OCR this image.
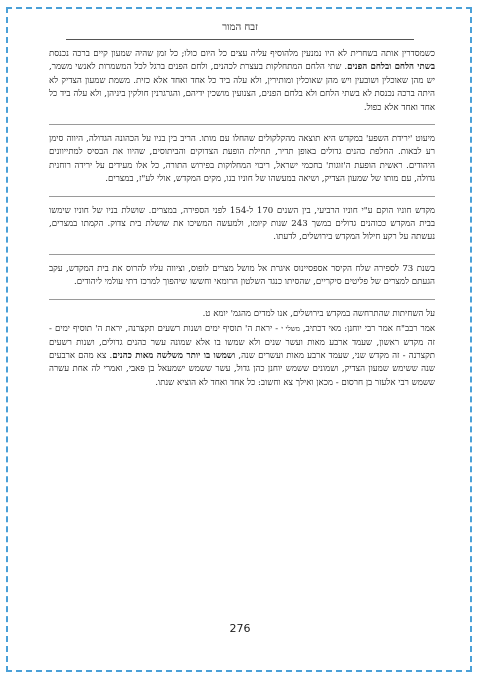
זבח המור

כשמסדרין אותה בשחרית לא היו נמנעין מלהוסיף עליה עצים כל היום כולו; כל זמן שהיה שמעון קיים ברכה נכנסת בשתי הלחם ובלחם הפנים. שתי הלחם המתחלקות בעצרת לכהנים, ולחם הפנים ברגל לכל המשמרות לאנשי משמר, יש מהן שאוכלין ושובעין ויש מהן שאוכלין ומותירין, ולא עלה ביד כל אחד ואחד אלא כזית. משמת שמעון הצדיק לא היתה ברכה נכנסת לא בשתי הלחם ולא בלחם הפנים, הצנועין מושכין ידיהם, והגרגרנין חולקין ביניהן, ולא עלה ביד כל אחד ואחד אלא כפול.

מיעוט 'ירידת השפע' במקדש היא תוצאה מהקלקולים שהחלו עם מותו. הריב בין בניו על הכהונה הגדולה, היווה סימן רע לבאות. החלפת כהנים גדולים באופן תדיר, תחילת הופעת הצדוקים והביתוסים, שהיוו את הבסיס למתייוונים היהודים. ראשית הופעת ה'זוגות' בחכמי ישראל, ריבוי המחלוקות בפירוש התורה, כל אלו מעידים על ירידה רוחנית גדולה, עם מותו של שמעון הצדיק, ושיאה במעשהו של חוניו בנו, מקים המקדש, אולי לע"ז, במצרים.

מקדש חוניו הוקם ע"י חוניו הרביעי, בין השנים 170 ל-154 לפני הספירה, במצרים. שושלת בניו של חוניו שימשו בבית המקדש ככוהנים גדולים במשך 243 שנות קיומו, ולמעשה המשיכו את שושלת בית צדוק. הקמתו במצרים, נעשתה על רקע חילול המקדש בירושלים, לדעתו.

בשנת 73 לספירה שלח הקיסר אספסיינוס איגרת אל מושל מצרים לופוס, וציווה עליו להרוס את בית המקדש, עקב הגעתם למצרים של פליטים סיקריים, שהסיתו כנגד השלטון הרומאי וחששו שיהפוך למרכז דתי עולמי ליהודים.

על השחיתות שהתרחשה במקדש בירושלים, אנו למדים מהגמ' יומא ט.

אמר רבב"ח אמר רבי יוחנן: מאי דכתיב, משלי י - יראת ה' תוסיף ימים ושנות רשעים תקצרנה, יראת ה' תוסיף ימים - זה מקדש ראשון, שעמד ארבע מאות ועשר שנים ולא שמשו בו אלא שמונה עשר כהנים גדולים, ושנות רשעים תקצרנה - זה מקדש שני, שעמד ארבע מאות ועשרים שנה, ושמשו בו יותר משלשה מאות כהנים. צא מהם ארבעים שנה ששימש שמעון הצדיק, ושמונים ששמש יוחנן כהן גדול, עשר ששמש ישמעאל בן פאבי, ואמרי לה אחת עשרה ששמש רבי אלעזר בן חרסום - מכאן ואילך צא וחשוב: כל אחד ואחד לא הוציא שנתו.

276
